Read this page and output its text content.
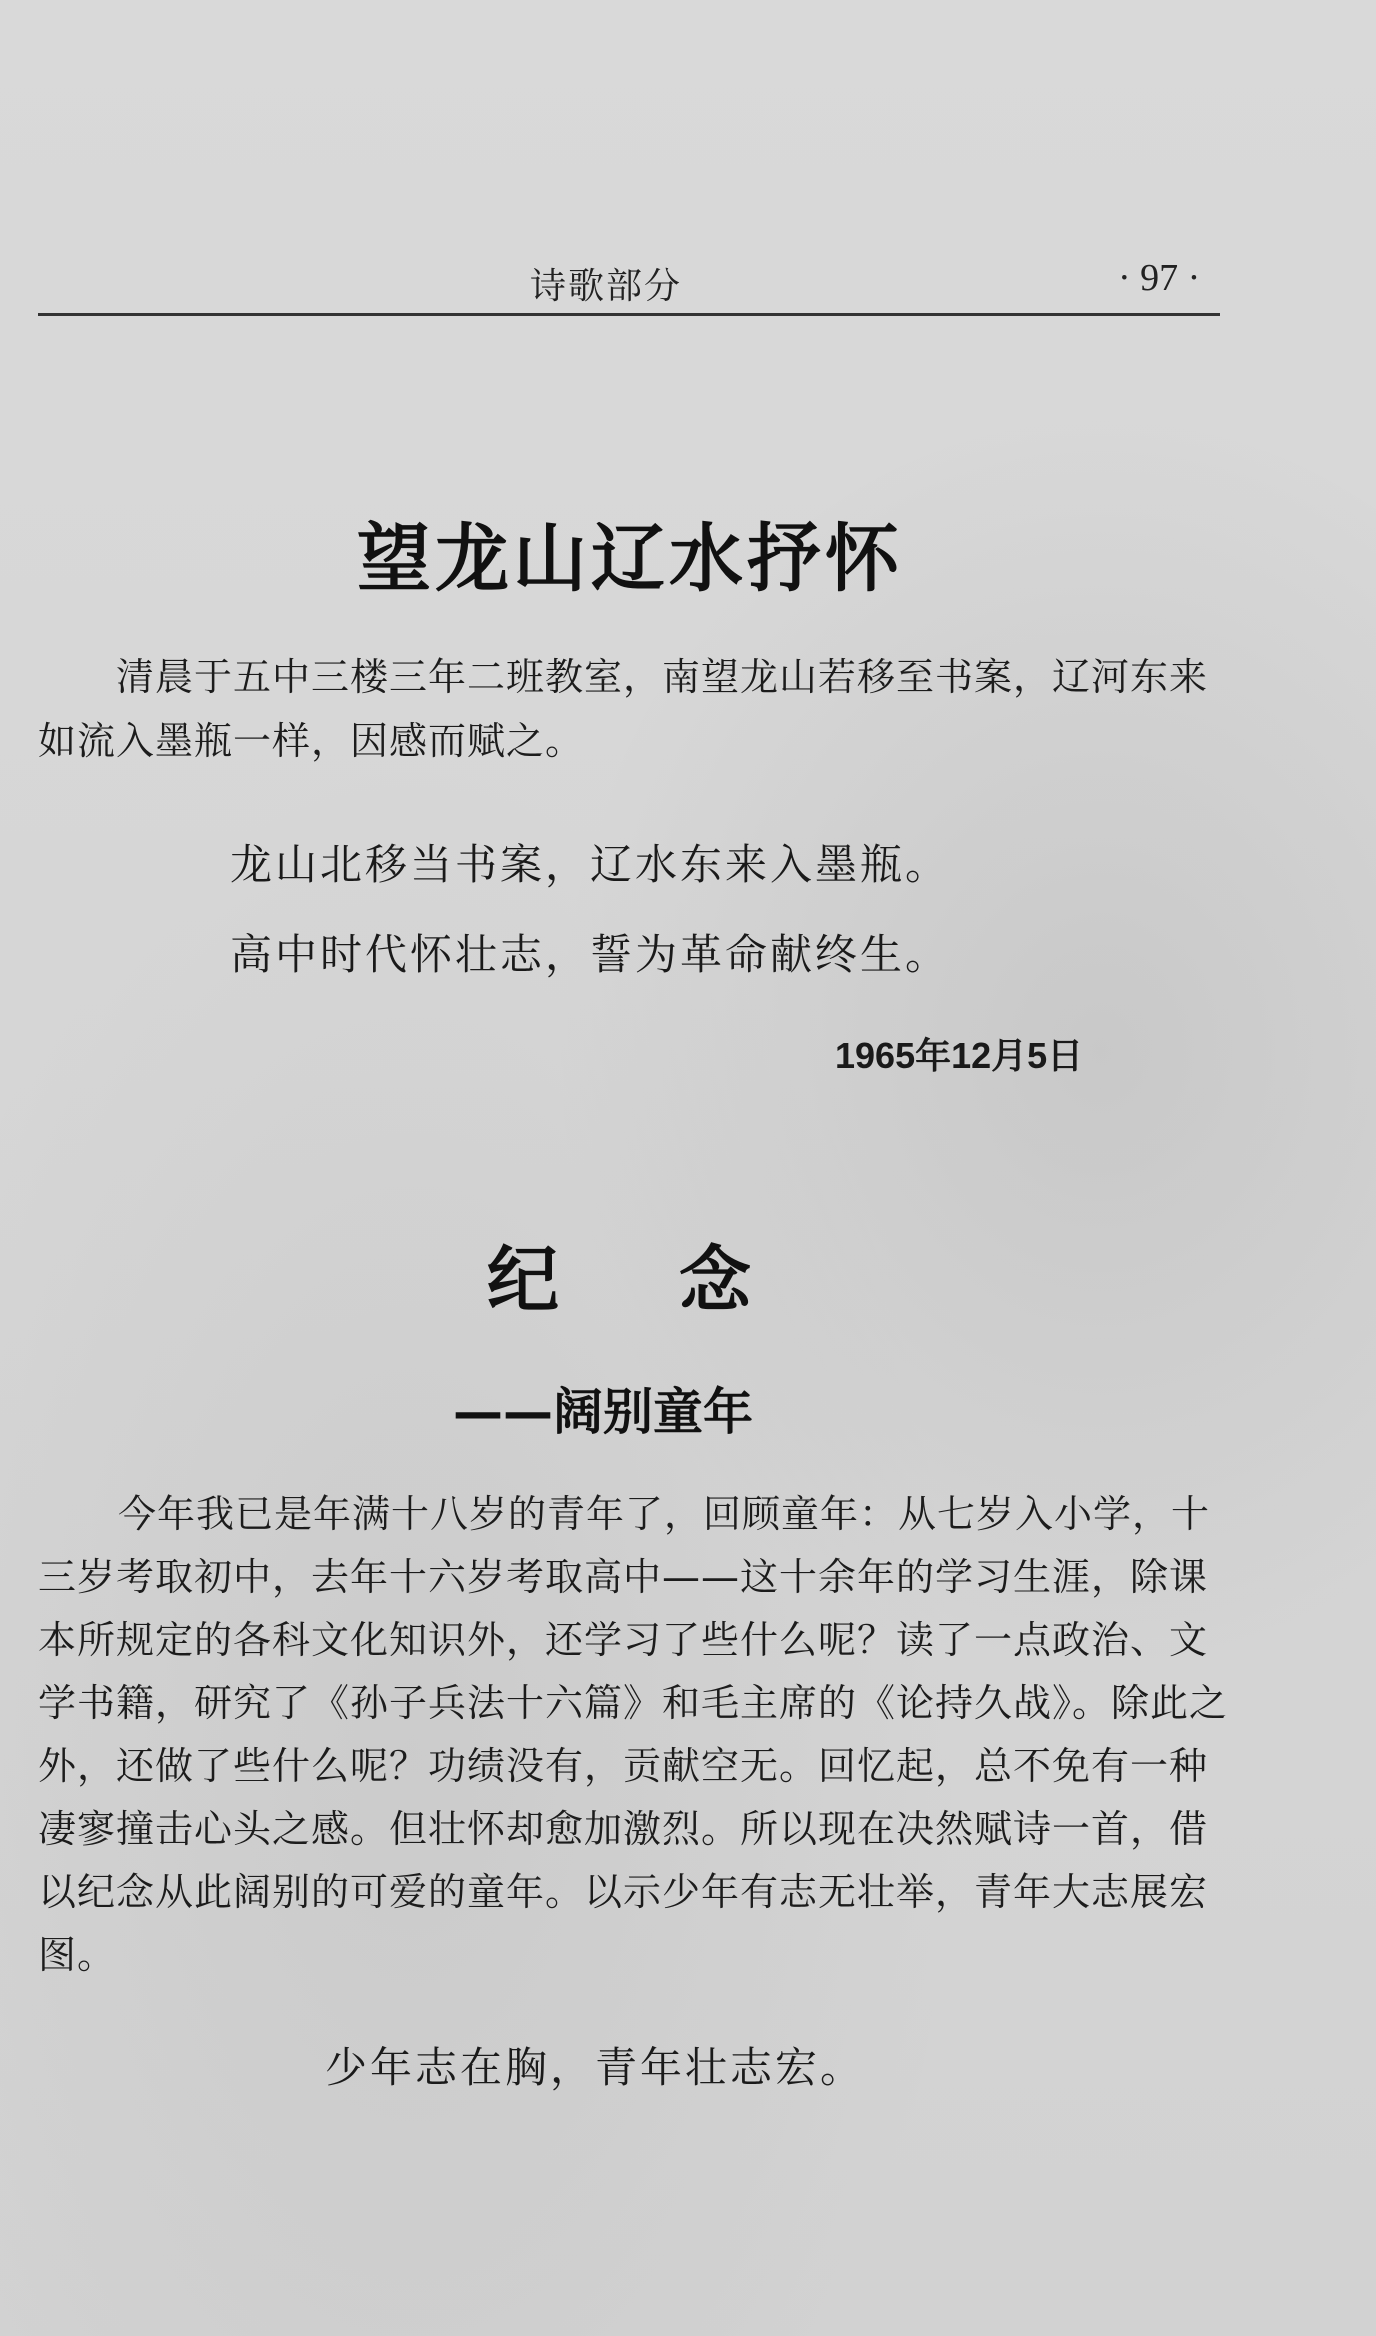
诗歌部分	· 97 ·
望龙山辽水抒怀
清晨于五中三楼三年二班教室，南望龙山若移至书案，辽河东来如流入墨瓶一样，因感而赋之。
龙山北移当书案，辽水东来入墨瓶。
高中时代怀壮志，誓为革命献终生。
1965年12月5日
纪念
——阔别童年
今年我已是年满十八岁的青年了，回顾童年：从七岁入小学，十三岁考取初中，去年十六岁考取高中——这十余年的学习生涯，除课本所规定的各科文化知识外，还学习了些什么呢？读了一点政治、文学书籍，研究了《孙子兵法十六篇》和毛主席的《论持久战》。除此之外，还做了些什么呢？功绩没有，贡献空无。回忆起，总不免有一种凄寥撞击心头之感。但壮怀却愈加激烈。所以现在决然赋诗一首，借以纪念从此阔别的可爱的童年。以示少年有志无壮举，青年大志展宏图。
少年志在胸，青年壮志宏。
